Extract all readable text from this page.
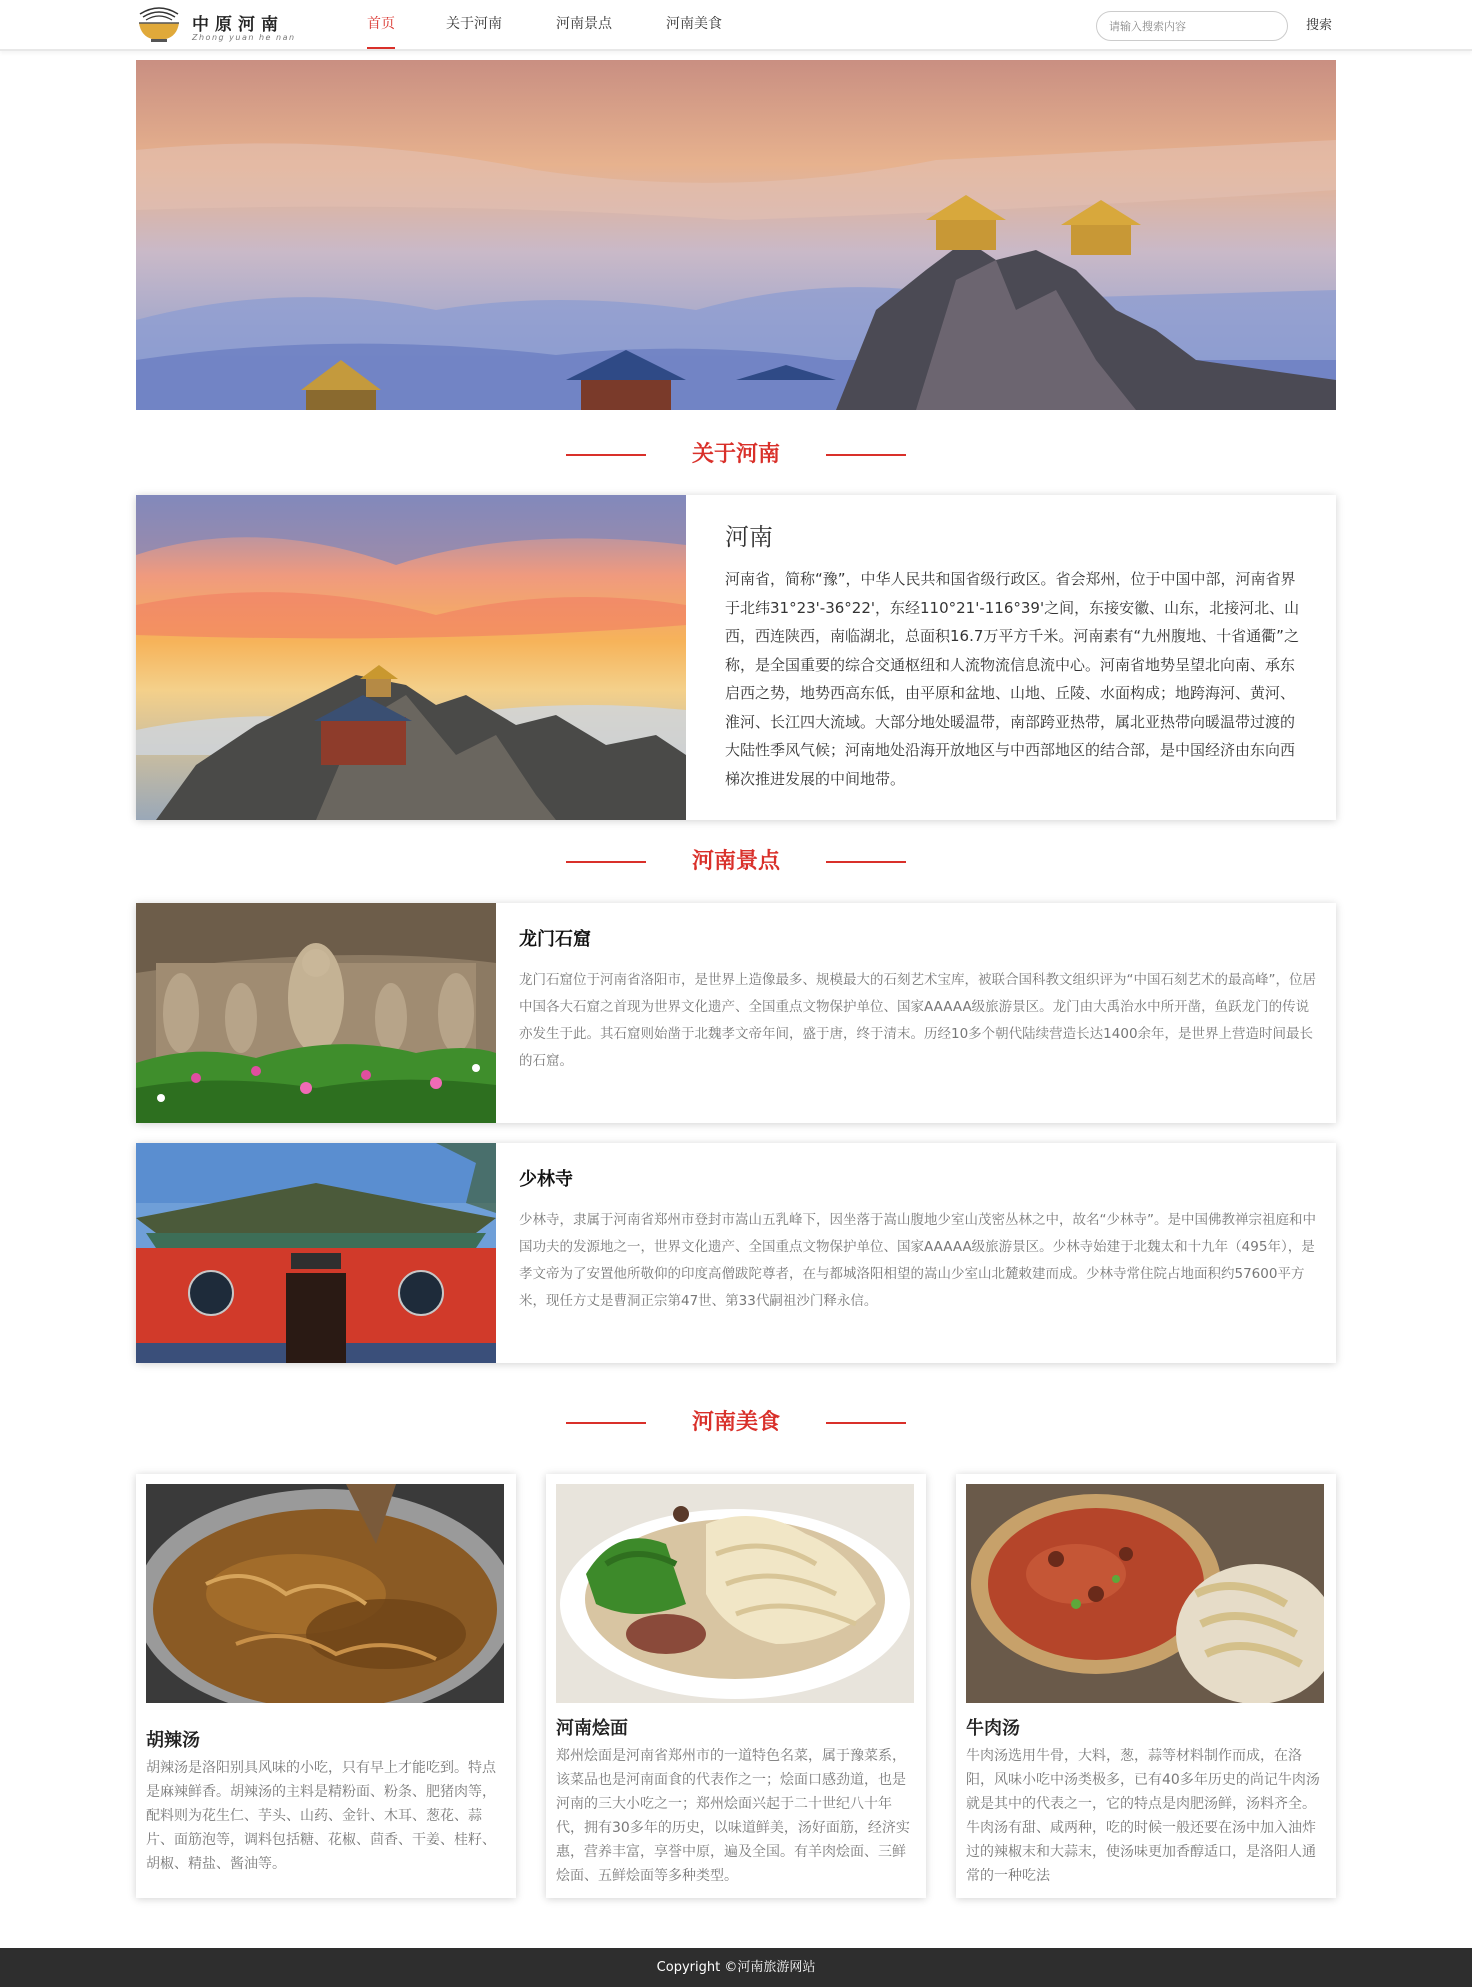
中原河南
Zhong yuan he nan
首页	关于河南	河南景点	河南美食
请输入搜索内容	搜索
关于河南
河南
河南省，简称“豫”，中华人民共和国省级行政区。省会郑州，位于中国中部，河南省界于北纬31°23'-36°22'，东经110°21'-116°39'之间，东接安徽、山东，北接河北、山西，西连陕西，南临湖北，总面积16.7万平方千米。河南素有“九州腹地、十省通衢”之称，是全国重要的综合交通枢纽和人流物流信息流中心。河南省地势呈望北向南、承东启西之势，地势西高东低，由平原和盆地、山地、丘陵、水面构成；地跨海河、黄河、淮河、长江四大流域。大部分地处暖温带，南部跨亚热带，属北亚热带向暖温带过渡的大陆性季风气候；河南地处沿海开放地区与中西部地区的结合部，是中国经济由东向西梯次推进发展的中间地带。
河南景点
龙门石窟
龙门石窟位于河南省洛阳市，是世界上造像最多、规模最大的石刻艺术宝库，被联合国科教文组织评为“中国石刻艺术的最高峰”，位居中国各大石窟之首现为世界文化遗产、全国重点文物保护单位、国家AAAAA级旅游景区。龙门由大禹治水中所开凿，鱼跃龙门的传说亦发生于此。其石窟则始凿于北魏孝文帝年间，盛于唐，终于清末。历经10多个朝代陆续营造长达1400余年，是世界上营造时间最长的石窟。
少林寺
少林寺，隶属于河南省郑州市登封市嵩山五乳峰下，因坐落于嵩山腹地少室山茂密丛林之中，故名“少林寺”。是中国佛教禅宗祖庭和中国功夫的发源地之一，世界文化遗产、全国重点文物保护单位、国家AAAAA级旅游景区。少林寺始建于北魏太和十九年（495年），是孝文帝为了安置他所敬仰的印度高僧跋陀尊者，在与都城洛阳相望的嵩山少室山北麓敕建而成。少林寺常住院占地面积约57600平方米，现任方丈是曹洞正宗第47世、第33代嗣祖沙门释永信。
河南美食
胡辣汤
胡辣汤是洛阳别具风味的小吃，只有早上才能吃到。特点是麻辣鲜香。胡辣汤的主料是精粉面、粉条、肥猪肉等，配料则为花生仁、芋头、山药、金针、木耳、葱花、蒜片、面筋泡等，调料包括糖、花椒、茴香、干姜、桂籽、胡椒、精盐、酱油等。
河南烩面
郑州烩面是河南省郑州市的一道特色名菜，属于豫菜系，该菜品也是河南面食的代表作之一；烩面口感劲道，也是河南的三大小吃之一；郑州烩面兴起于二十世纪八十年代，拥有30多年的历史，以味道鲜美，汤好面筋，经济实惠，营养丰富，享誉中原，遍及全国。有羊肉烩面、三鲜烩面、五鲜烩面等多种类型。
牛肉汤
牛肉汤选用牛骨，大料，葱，蒜等材料制作而成，在洛阳，风味小吃中汤类极多，已有40多年历史的尚记牛肉汤就是其中的代表之一，它的特点是肉肥汤鲜，汤料齐全。牛肉汤有甜、咸两种，吃的时候一般还要在汤中加入油炸过的辣椒末和大蒜末，使汤味更加香醇适口，是洛阳人通常的一种吃法
Copyright ©河南旅游网站
